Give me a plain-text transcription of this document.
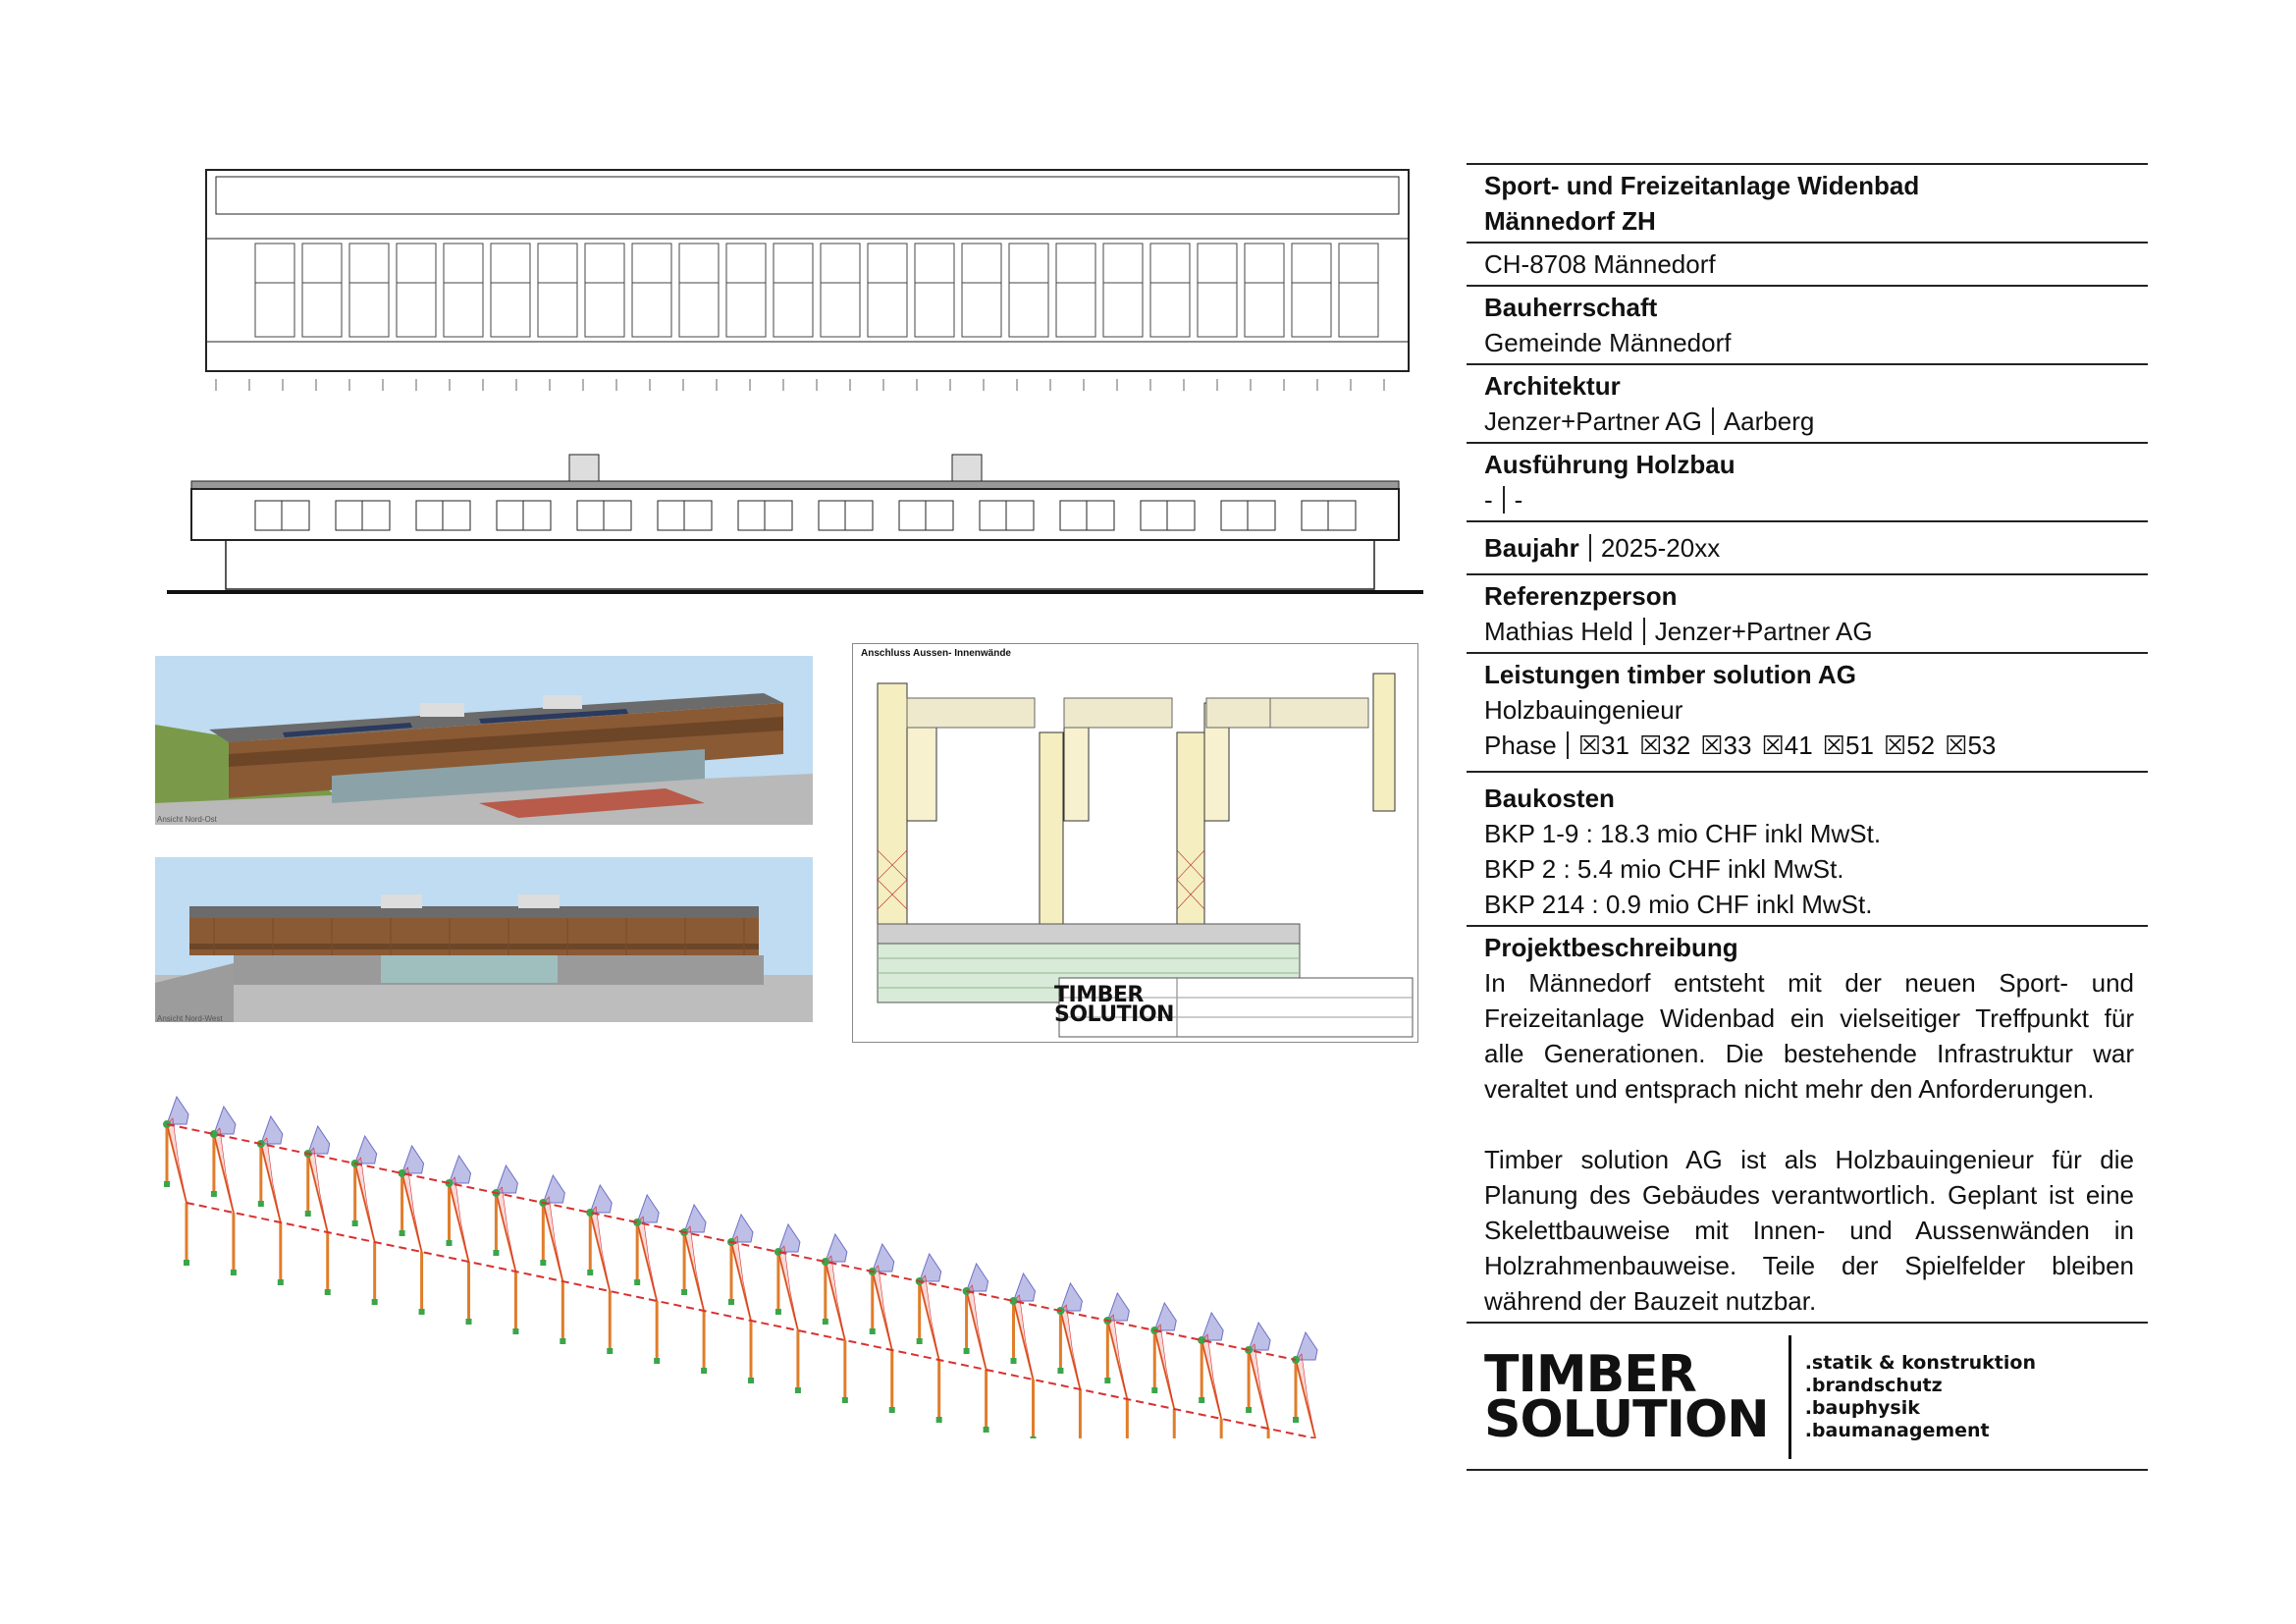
Ansicht Nord-Ost
Ansicht Nord-West
Anschluss Aussen- Innenwände
TIMBER
SOLUTION
Sport- und Freizeitanlage Widenbad
Männedorf ZH
CH-8708 Männedorf
Bauherrschaft
Gemeinde Männedorf
Architektur
Jenzer+Partner AG Aarberg
Ausführung Holzbau
- -
Baujahr 2025-20xx
Referenzperson
Mathias Held Jenzer+Partner AG
Leistungen timber solution AG
Holzbauingenieur
Phase ☒31 ☒32 ☒33 ☒41 ☒51 ☒52 ☒53
Baukosten
BKP 1-9 : 18.3 mio CHF inkl MwSt.
BKP 2 : 5.4 mio CHF inkl MwSt.
BKP 214 : 0.9 mio CHF inkl MwSt.
Projektbeschreibung
In Männedorf entsteht mit der neuen Sport- und Freizeitanlage Widenbad ein vielseitiger Treffpunkt für alle Generationen. Die bestehende Infrastruktur war veraltet und entsprach nicht mehr den Anforderungen.
Timber solution AG ist als Holzbauingenieur für die Planung des Gebäudes verantwortlich. Geplant ist eine Skelettbauweise mit Innen- und Aussenwänden in Holzrahmenbauweise. Teile der Spielfelder bleiben während der Bauzeit nutzbar.
TIMBER
SOLUTION
.statik & konstruktion
.brandschutz
.bauphysik
.baumanagement
